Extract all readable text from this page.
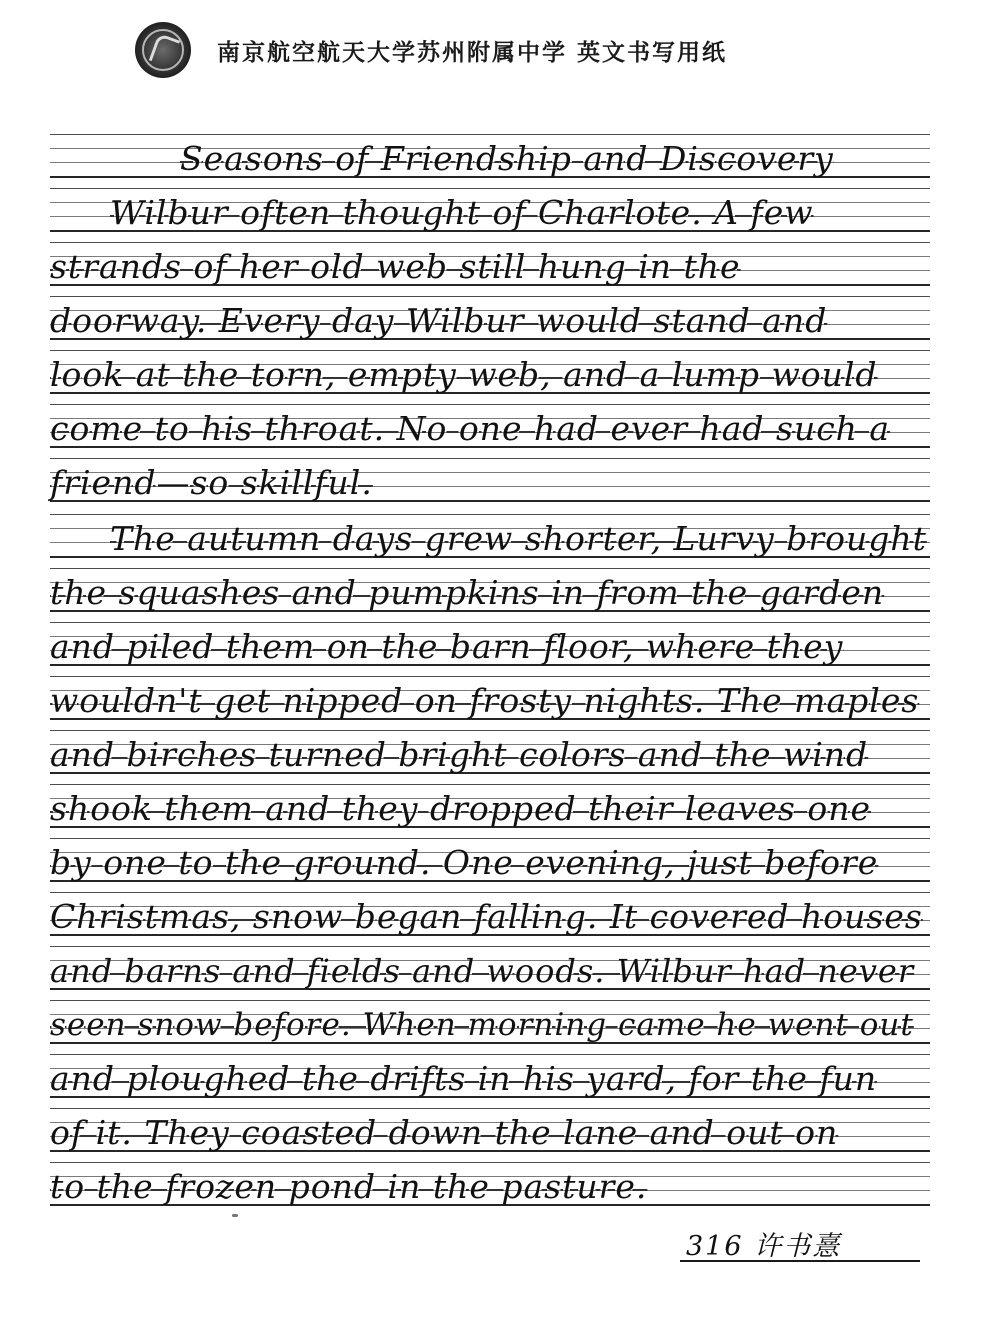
南京航空航天大学苏州附属中学 英文书写用纸
Seasons of Friendship and Discovery
Wilbur often thought of Charlote. A few
strands of her old web still hung in the
doorway. Every day Wilbur would stand and
look at the torn, empty web, and a lump would
come to his throat. No one had ever had such a
friend—so skillful.
The autumn days grew shorter, Lurvy brought
the squashes and pumpkins in from the garden
and piled them on the barn floor, where they
wouldn't get nipped on frosty nights. The maples
and birches turned bright colors and the wind
shook them and they dropped their leaves one
by one to the ground. One evening, just before
Christmas, snow began falling. It covered houses
and barns and fields and woods. Wilbur had never
seen snow before. When morning came he went out
and ploughed the drifts in his yard, for the fun
of it. They coasted down the lane and out on
to the frozen pond in the pasture.
316 许书憙
